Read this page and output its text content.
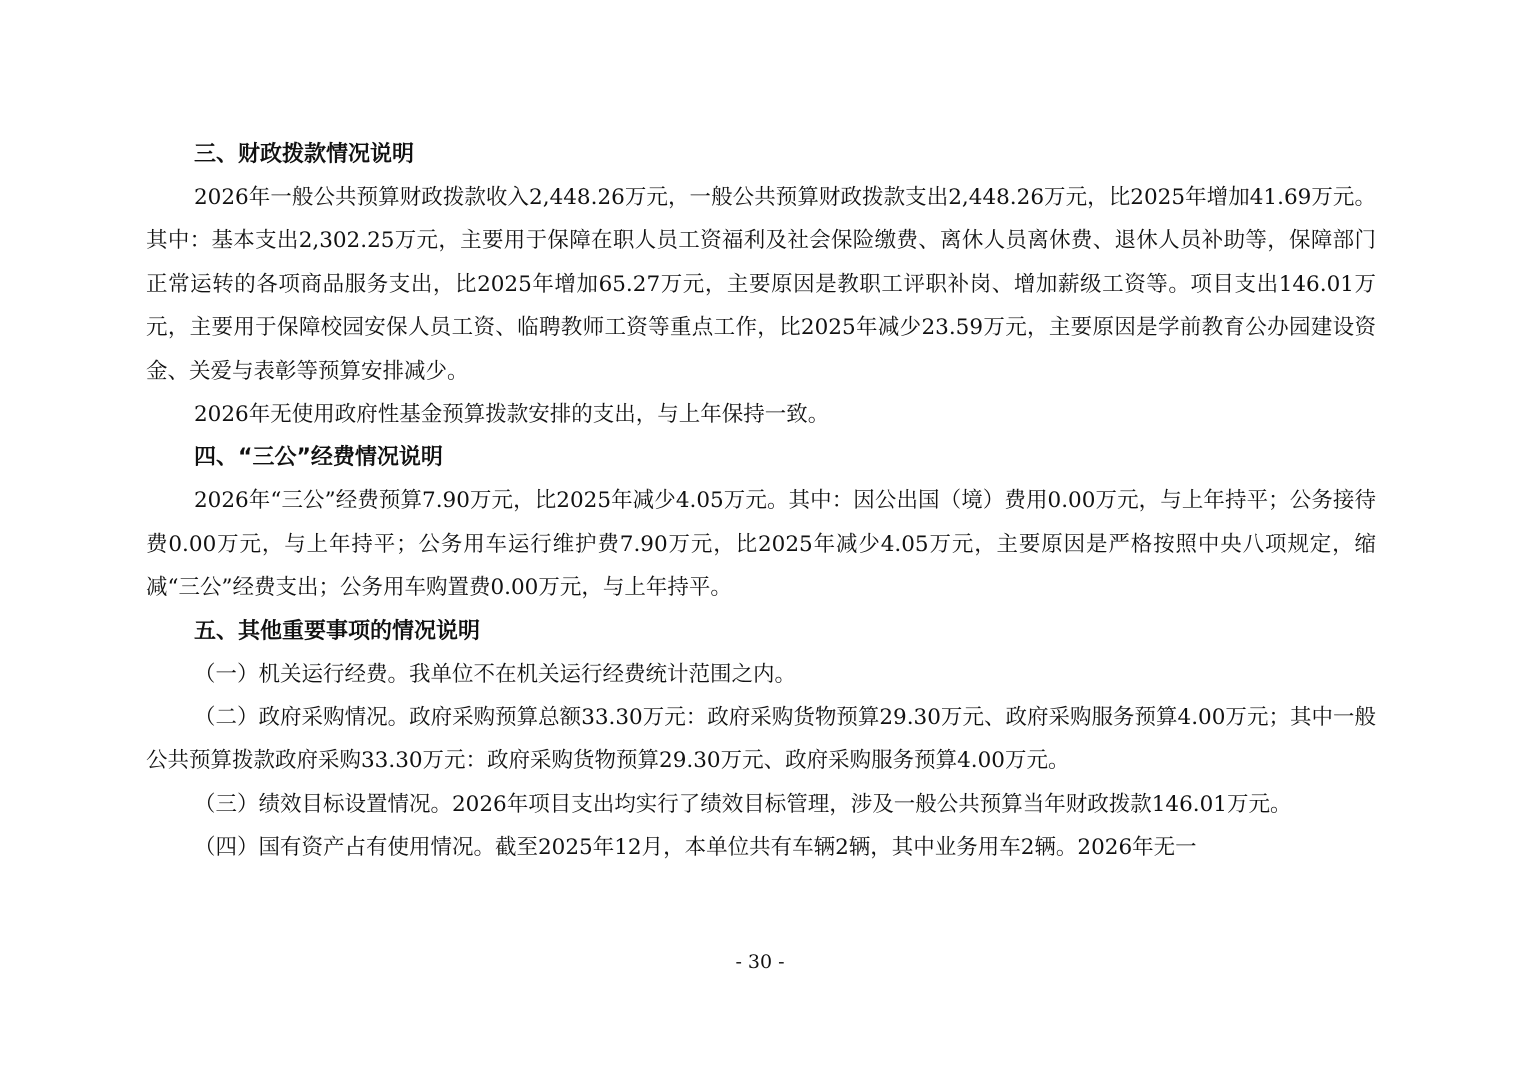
三、财政拨款情况说明

2026年一般公共预算财政拨款收入2,448.26万元，一般公共预算财政拨款支出2,448.26万元，比2025年增加41.69万元。其中：基本支出2,302.25万元，主要用于保障在职人员工资福利及社会保险缴费、离休人员离休费、退休人员补助等，保障部门正常运转的各项商品服务支出，比2025年增加65.27万元，主要原因是教职工评职补岗、增加薪级工资等。项目支出146.01万元，主要用于保障校园安保人员工资、临聘教师工资等重点工作，比2025年减少23.59万元，主要原因是学前教育公办园建设资金、关爱与表彰等预算安排减少。

2026年无使用政府性基金预算拨款安排的支出，与上年保持一致。

四、“三公”经费情况说明

2026年“三公”经费预算7.90万元，比2025年减少4.05万元。其中：因公出国（境）费用0.00万元，与上年持平；公务接待费0.00万元，与上年持平；公务用车运行维护费7.90万元，比2025年减少4.05万元，主要原因是严格按照中央八项规定，缩减“三公”经费支出；公务用车购置费0.00万元，与上年持平。

五、其他重要事项的情况说明

（一）机关运行经费。我单位不在机关运行经费统计范围之内。

（二）政府采购情况。政府采购预算总额33.30万元：政府采购货物预算29.30万元、政府采购服务预算4.00万元；其中一般公共预算拨款政府采购33.30万元：政府采购货物预算29.30万元、政府采购服务预算4.00万元。

（三）绩效目标设置情况。2026年项目支出均实行了绩效目标管理，涉及一般公共预算当年财政拨款146.01万元。

（四）国有资产占有使用情况。截至2025年12月，本单位共有车辆2辆，其中业务用车2辆。2026年无一

- 30 -
